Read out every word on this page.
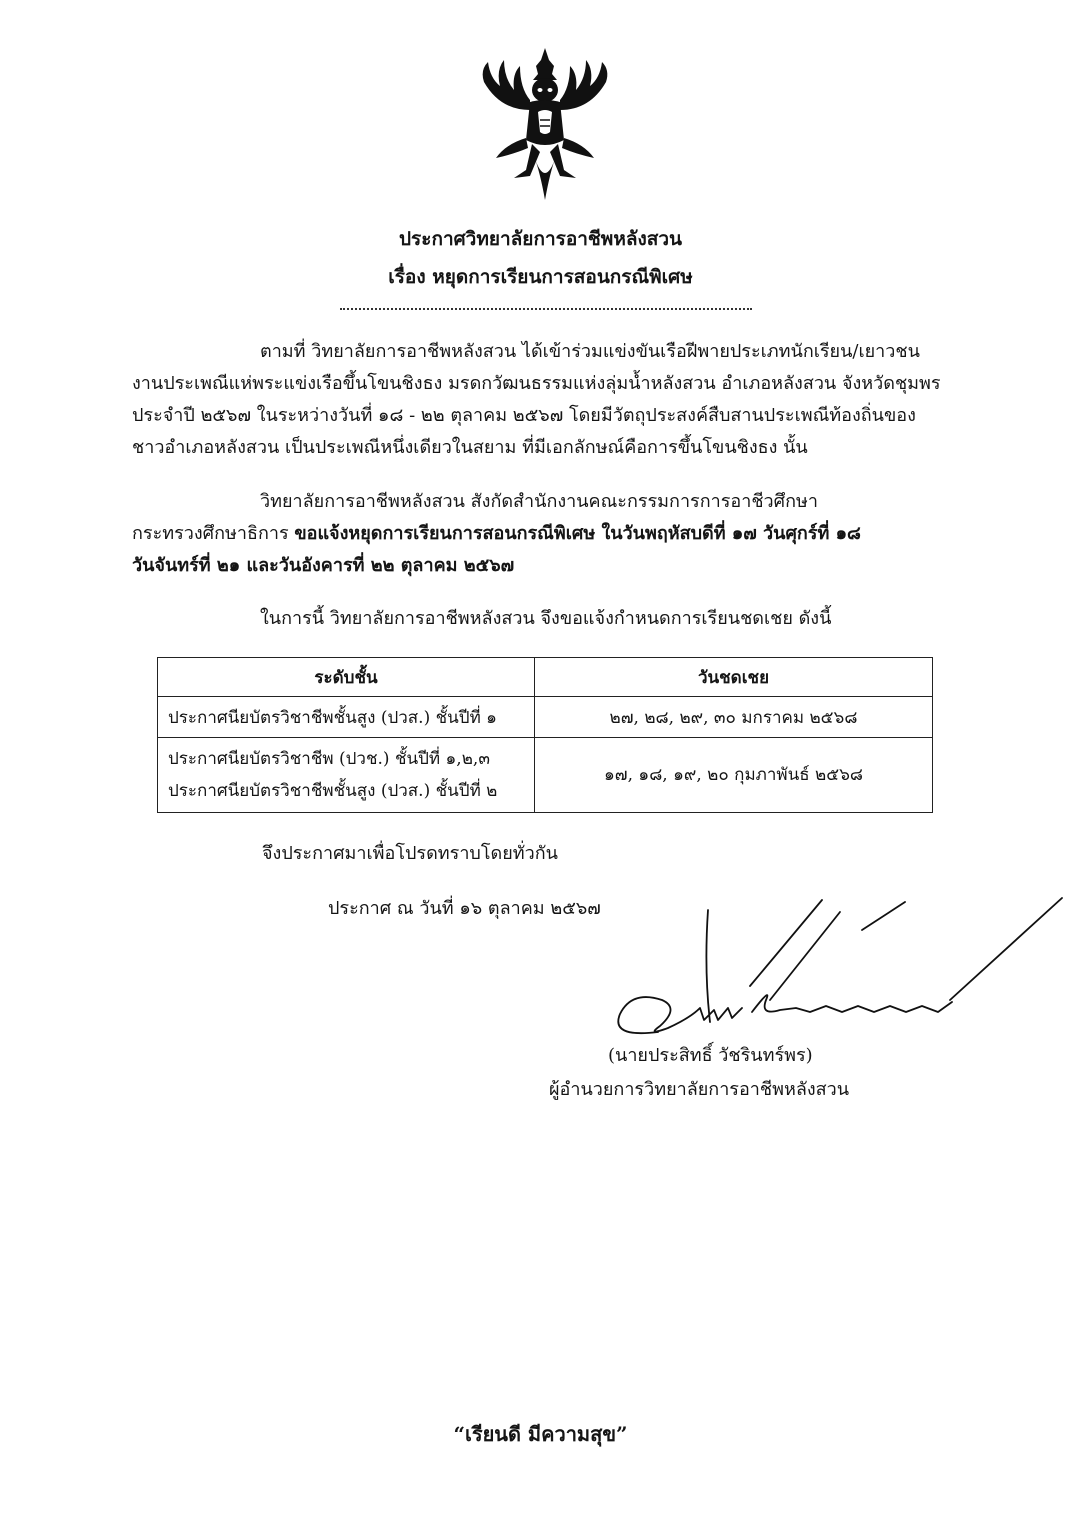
ประกาศวิทยาลัยการอาชีพหลังสวน
เรื่อง หยุดการเรียนการสอนกรณีพิเศษ
ตามที่ วิทยาลัยการอาชีพหลังสวน ได้เข้าร่วมแข่งขันเรือฝีพายประเภทนักเรียน/เยาวชน
งานประเพณีแห่พระแข่งเรือขึ้นโขนชิงธง มรดกวัฒนธรรมแห่งลุ่มน้ำหลังสวน อำเภอหลังสวน จังหวัดชุมพร
ประจำปี ๒๕๖๗ ในระหว่างวันที่ ๑๘ - ๒๒ ตุลาคม ๒๕๖๗ โดยมีวัตถุประสงค์สืบสานประเพณีท้องถิ่นของ
ชาวอำเภอหลังสวน เป็นประเพณีหนึ่งเดียวในสยาม ที่มีเอกลักษณ์คือการขึ้นโขนชิงธง นั้น
วิทยาลัยการอาชีพหลังสวน สังกัดสำนักงานคณะกรรมการการอาชีวศึกษา
กระทรวงศึกษาธิการ ขอแจ้งหยุดการเรียนการสอนกรณีพิเศษ ในวันพฤหัสบดีที่ ๑๗ วันศุกร์ที่ ๑๘
วันจันทร์ที่ ๒๑ และวันอังคารที่ ๒๒ ตุลาคม ๒๕๖๗
ในการนี้ วิทยาลัยการอาชีพหลังสวน จึงขอแจ้งกำหนดการเรียนชดเชย ดังนี้
ระดับชั้น	วันชดเชย
ประกาศนียบัตรวิชาชีพชั้นสูง (ปวส.) ชั้นปีที่ ๑	๒๗, ๒๘, ๒๙, ๓๐ มกราคม ๒๕๖๘

ประกาศนียบัตรวิชาชีพ (ปวช.) ชั้นปีที่ ๑,๒,๓
ประกาศนียบัตรวิชาชีพชั้นสูง (ปวส.) ชั้นปีที่ ๒	๑๗, ๑๘, ๑๙, ๒๐ กุมภาพันธ์ ๒๕๖๘
จึงประกาศมาเพื่อโปรดทราบโดยทั่วกัน
ประกาศ ณ วันที่ ๑๖ ตุลาคม ๒๕๖๗
(นายประสิทธิ์ วัชรินทร์พร)
ผู้อำนวยการวิทยาลัยการอาชีพหลังสวน
“เรียนดี มีความสุข”
